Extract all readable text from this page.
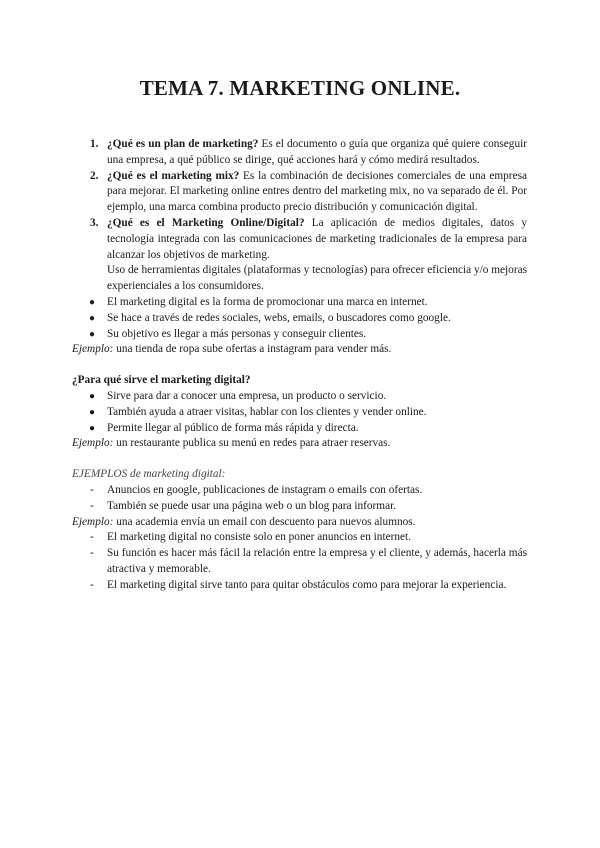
TEMA 7. MARKETING ONLINE.
1. ¿Qué es un plan de marketing? Es el documento o guía que organiza qué quiere conseguir una empresa, a qué público se dirige, qué acciones hará y cómo medirá resultados.
2. ¿Qué es el marketing mix? Es la combinación de decisiones comerciales de una empresa para mejorar. El marketing online entres dentro del marketing mix, no va separado de él. Por ejemplo, una marca combina producto precio distribución y comunicación digital.
3. ¿Qué es el Marketing Online/Digital? La aplicación de medios digitales, datos y tecnología integrada con las comunicaciones de marketing tradicionales de la empresa para alcanzar los objetivos de marketing.
Uso de herramientas digitales (plataformas y tecnologías) para ofrecer eficiencia y/o mejoras experienciales a los consumidores.
● El marketing digital es la forma de promocionar una marca en internet.
● Se hace a través de redes sociales, webs, emails, o buscadores como google.
● Su objetivo es llegar a más personas y conseguir clientes.
Ejemplo: una tienda de ropa sube ofertas a instagram para vender más.
¿Para qué sirve el marketing digital?
● Sirve para dar a conocer una empresa, un producto o servicio.
● También ayuda a atraer visitas, hablar con los clientes y vender online.
● Permite llegar al público de forma más rápida y directa.
Ejemplo: un restaurante publica su menú en redes para atraer reservas.
EJEMPLOS de marketing digital:
- Anuncios en google, publicaciones de instagram o emails con ofertas.
- También se puede usar una página web o un blog para informar.
Ejemplo: una academia envía un email con descuento para nuevos alumnos.
- El marketing digital no consiste solo en poner anuncios en internet.
- Su función es hacer más fácil la relación entre la empresa y el cliente, y además, hacerla más atractiva y memorable.
- El marketing digital sirve tanto para quitar obstáculos como para mejorar la experiencia.
